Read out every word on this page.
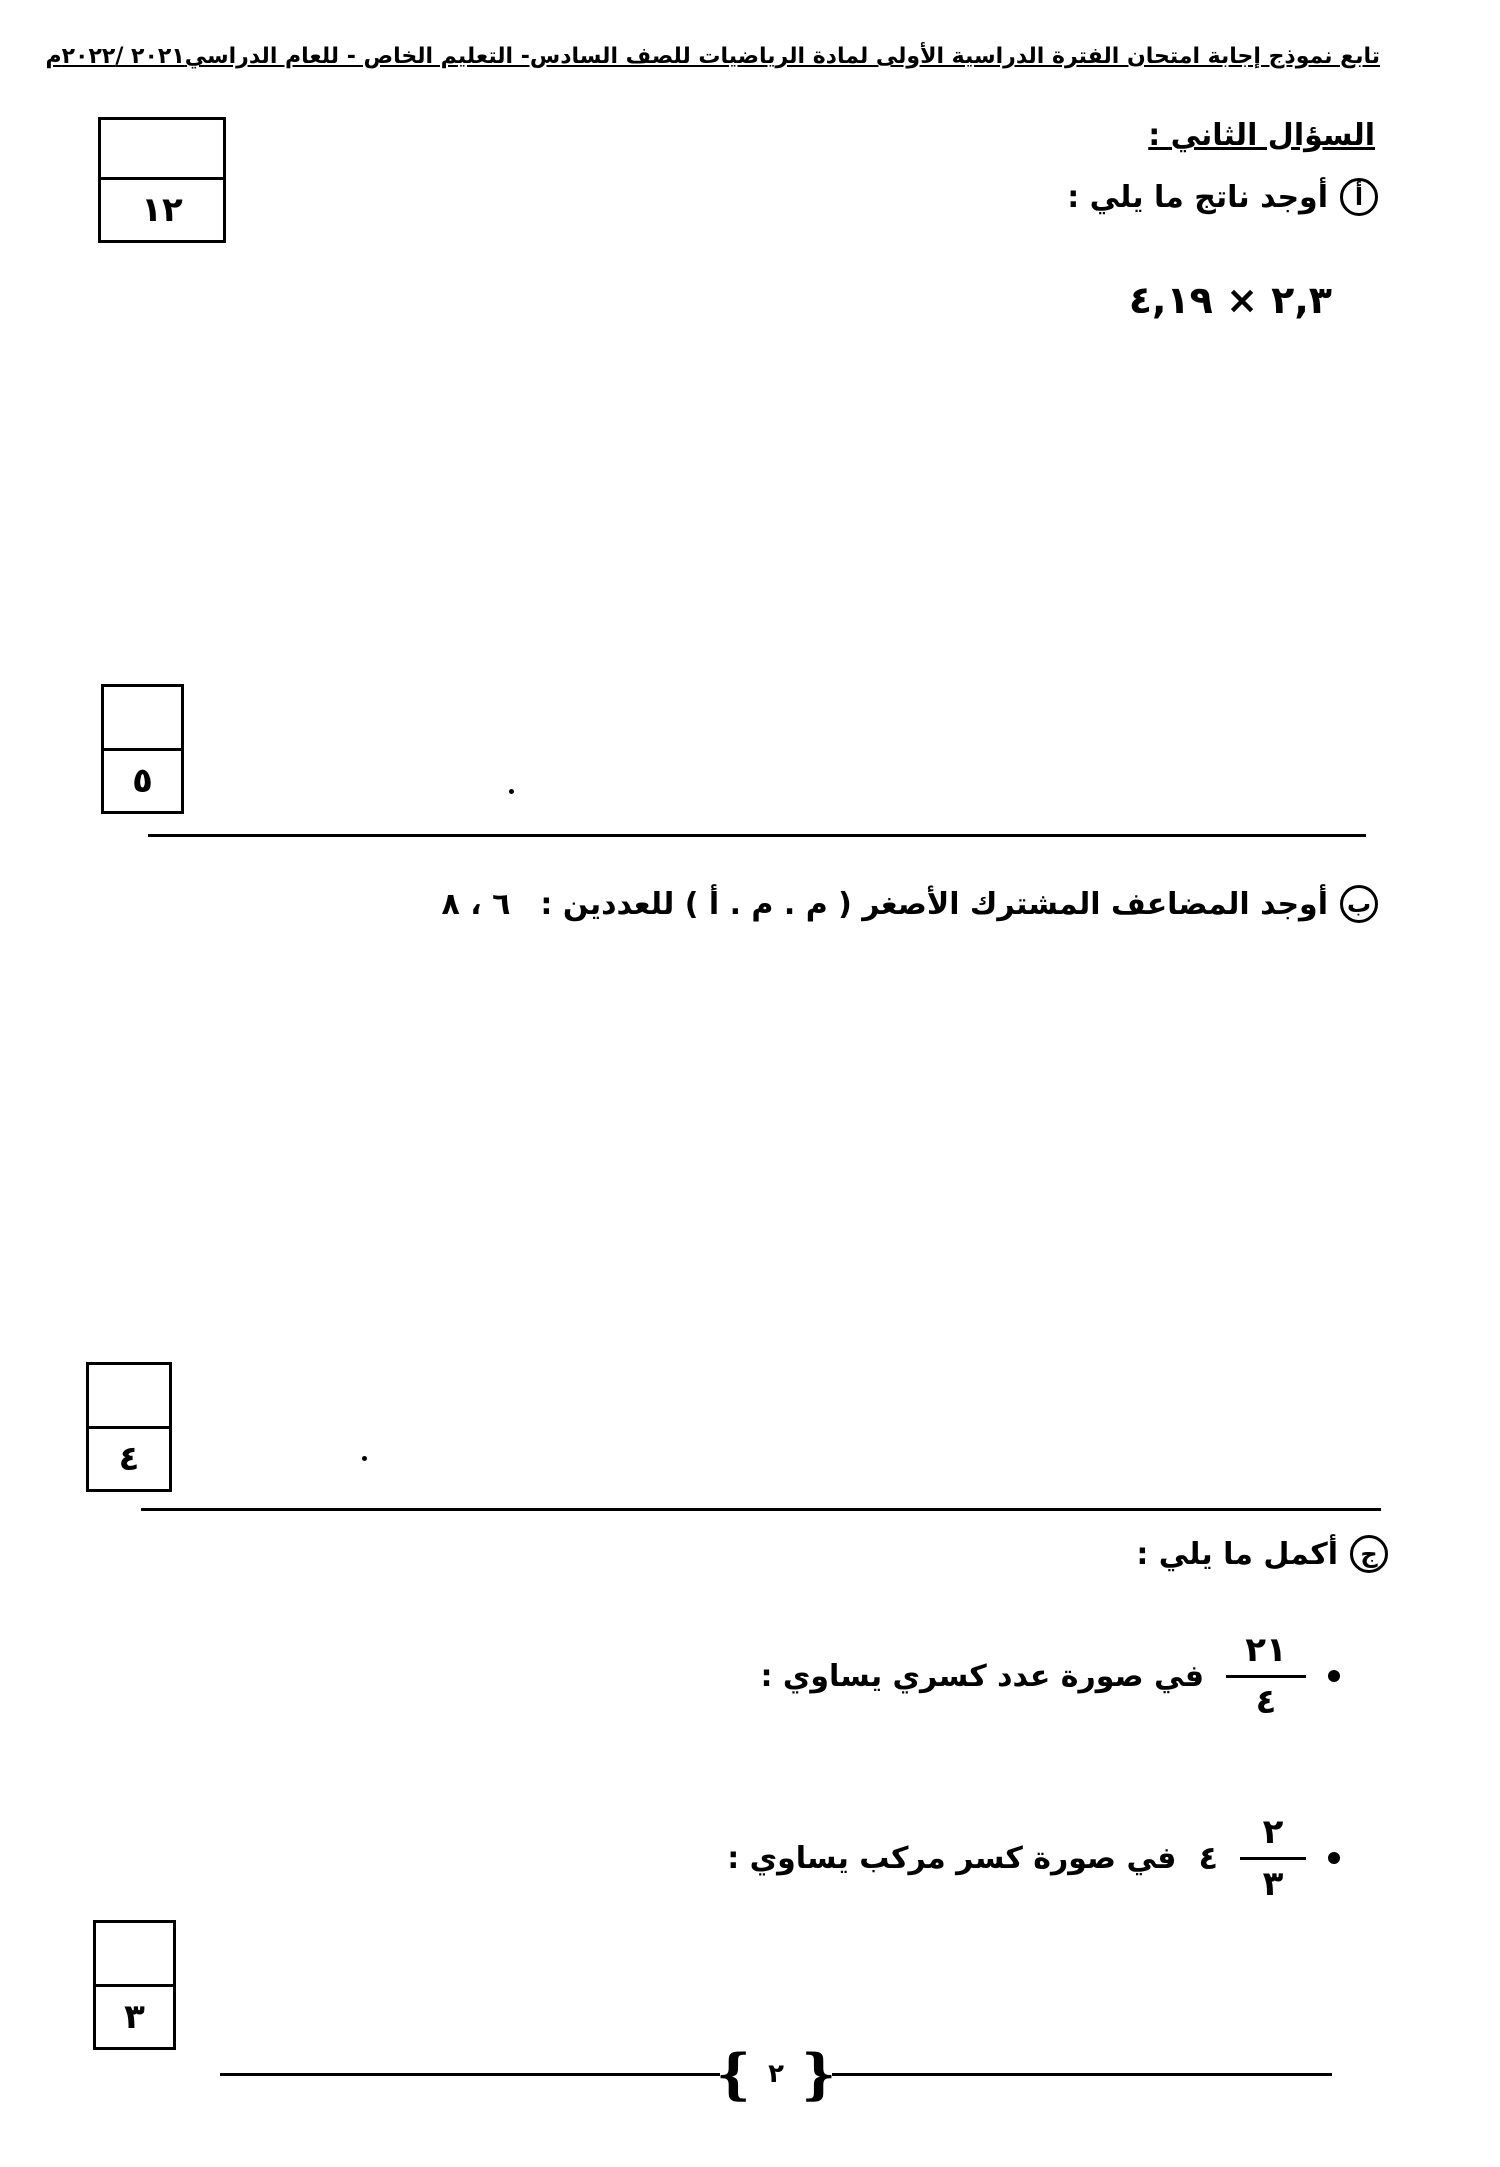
تابع نموذج إجابة امتحان الفترة الدراسية الأولى لمادة الرياضيات للصف السادس- التعليم الخاص - للعام الدراسي٢٠٢١ /٢٠٢٢م
١٢
السؤال الثاني :
أ
أوجد ناتج ما يلي :
٢,٣ × ٤,١٩
٥
ب
أوجد المضاعف المشترك الأصغر ( م . م . أ ) للعددين :
٦ ، ٨
٤
ج
أكمل ما يلي :
$\frac{٢١}{٤}$
في صورة عدد كسري يساوي :
$\frac{٢}{٣}$
٤
في صورة كسر مركب يساوي :
٣
{ ٢ }
